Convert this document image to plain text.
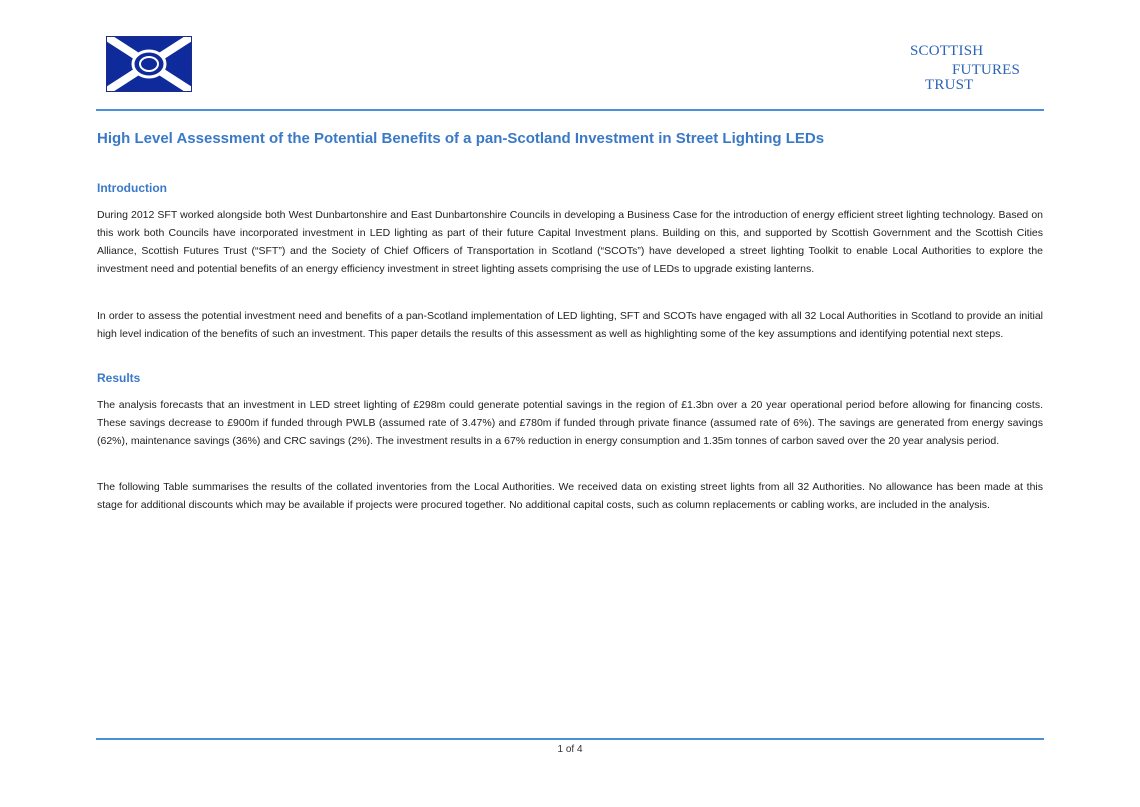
SCOTTISH
FUTURES
TRUST
High Level Assessment of the Potential Benefits of a pan-Scotland Investment in Street Lighting LEDs
Introduction

During 2012 SFT worked alongside both West Dunbartonshire and East Dunbartonshire Councils in developing a Business Case for the introduction of energy efficient street lighting technology. Based on this work both Councils have incorporated investment in LED lighting as part of their future Capital Investment plans. Building on this, and supported by Scottish Government and the Scottish Cities Alliance, Scottish Futures Trust (“SFT”) and the Society of Chief Officers of Transportation in Scotland (“SCOTs”) have developed a street lighting Toolkit to enable Local Authorities to explore the investment need and potential benefits of an energy efficiency investment in street lighting assets comprising the use of LEDs to upgrade existing lanterns.

In order to assess the potential investment need and benefits of a pan-Scotland implementation of LED lighting, SFT and SCOTs have engaged with all 32 Local Authorities in Scotland to provide an initial high level indication of the benefits of such an investment. This paper details the results of this assessment as well as highlighting some of the key assumptions and identifying potential next steps.

Results

The analysis forecasts that an investment in LED street lighting of £298m could generate potential savings in the region of £1.3bn over a 20 year operational period before allowing for financing costs. These savings decrease to £900m if funded through PWLB (assumed rate of 3.47%) and £780m if funded through private finance (assumed rate of 6%). The savings are generated from energy savings (62%), maintenance savings (36%) and CRC savings (2%). The investment results in a 67% reduction in energy consumption and 1.35m tonnes of carbon saved over the 20 year analysis period.

The following Table summarises the results of the collated inventories from the Local Authorities. We received data on existing street lights from all 32 Authorities. No allowance has been made at this stage for additional discounts which may be available if projects were procured together. No additional capital costs, such as column replacements or cabling works, are included in the analysis.

1 of 4
